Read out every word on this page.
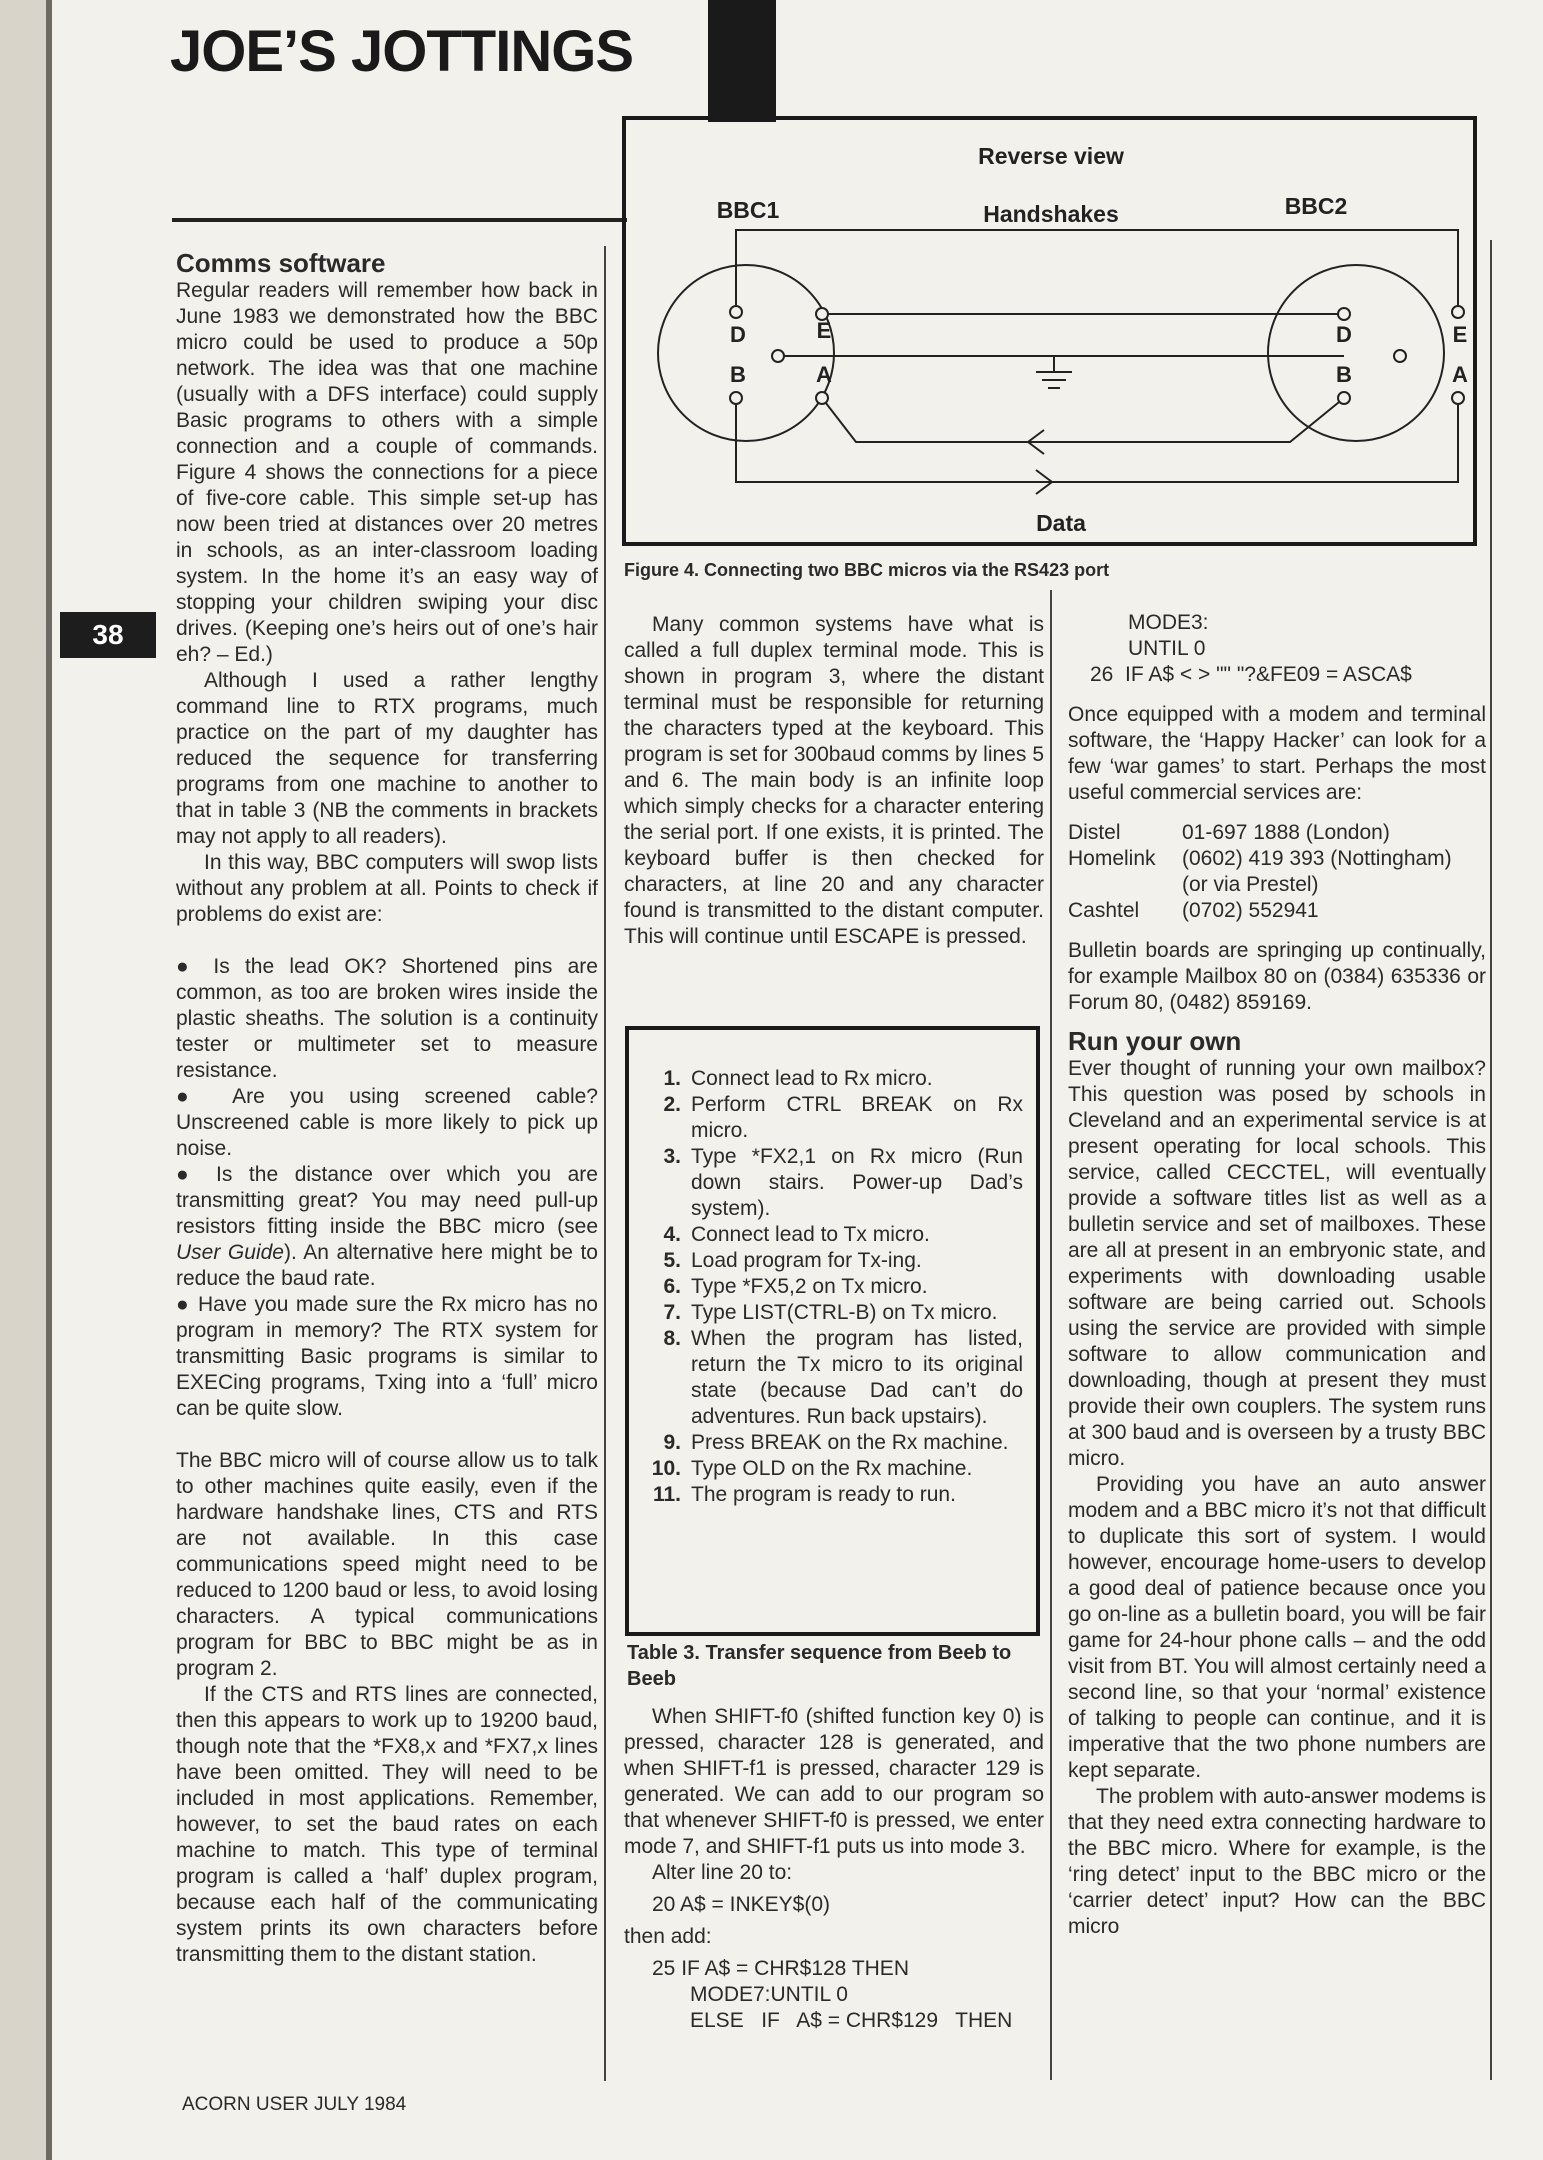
JOE’S JOTTINGS
38
Comms software

Regular readers will remember how back in June 1983 we demonstrated how the BBC micro could be used to produce a 50p network. The idea was that one machine (usually with a DFS interface) could supply Basic programs to others with a simple connection and a couple of commands. Figure 4 shows the connections for a piece of five-core cable. This simple set-up has now been tried at distances over 20 metres in schools, as an inter-classroom loading system. In the home it’s an easy way of stopping your children swiping your disc drives. (Keeping one’s heirs out of one’s hair eh? – Ed.)

Although I used a rather lengthy command line to RTX programs, much practice on the part of my daughter has reduced the sequence for transferring programs from one machine to another to that in table 3 (NB the comments in brackets may not apply to all readers).

In this way, BBC computers will swop lists without any problem at all. Points to check if problems do exist are:

● Is the lead OK? Shortened pins are common, as too are broken wires inside the plastic sheaths. The solution is a continuity tester or multimeter set to measure resistance.

● Are you using screened cable? Unscreened cable is more likely to pick up noise.

● Is the distance over which you are transmitting great? You may need pull-up resistors fitting inside the BBC micro (see User Guide). An alternative here might be to reduce the baud rate.

● Have you made sure the Rx micro has no program in memory? The RTX system for transmitting Basic programs is similar to EXECing programs, Txing into a ‘full’ micro can be quite slow.

The BBC micro will of course allow us to talk to other machines quite easily, even if the hardware handshake lines, CTS and RTS are not available. In this case communications speed might need to be reduced to 1200 baud or less, to avoid losing characters. A typical communications program for BBC to BBC might be as in program 2.

If the CTS and RTS lines are connected, then this appears to work up to 19200 baud, though note that the *FX8,x and *FX7,x lines have been omitted. They will need to be included in most applications. Remember, however, to set the baud rates on each machine to match. This type of terminal program is called a ‘half’ duplex program, because each half of the communicating system prints its own characters before transmitting them to the distant station.

Reverse view
BBC1	BBC2
Handshakes
Data
D	E
B	A
D	E
B	A
Figure 4. Connecting two BBC micros via the RS423 port

Many common systems have what is called a full duplex terminal mode. This is shown in program 3, where the distant terminal must be responsible for returning the characters typed at the keyboard. This program is set for 300baud comms by lines 5 and 6. The main body is an infinite loop which simply checks for a character entering the serial port. If one exists, it is printed. The keyboard buffer is then checked for characters, at line 20 and any character found is transmitted to the distant computer. This will continue until ESCAPE is pressed.

1. Connect lead to Rx micro.
2. Perform CTRL BREAK on Rx micro.
3. Type *FX2,1 on Rx micro (Run down stairs. Power-up Dad’s system).
4. Connect lead to Tx micro.
5. Load program for Tx-ing.
6. Type *FX5,2 on Tx micro.
7. Type LIST(CTRL-B) on Tx micro.
8. When the program has listed, return the Tx micro to its original state (because Dad can’t do adventures. Run back upstairs).
9. Press BREAK on the Rx machine.
10. Type OLD on the Rx machine.
11. The program is ready to run.
Table 3. Transfer sequence from Beeb to Beeb

When SHIFT-f0 (shifted function key 0) is pressed, character 128 is generated, and when SHIFT-f1 is pressed, character 129 is generated. We can add to our program so that whenever SHIFT-f0 is pressed, we enter mode 7, and SHIFT-f1 puts us into mode 3.

Alter line 20 to:

20 A$ = INKEY$(0)

then add:

25 IF A$ = CHR$128 THEN

MODE7:UNTIL 0

ELSE   IF   A$ = CHR$129   THEN

MODE3:

UNTIL 0

26  IF A$ < > "" "?&FE09 = ASCA$

Once equipped with a modem and terminal software, the ‘Happy Hacker’ can look for a few ‘war games’ to start. Perhaps the most useful commercial services are:

Distel	01-697 1888 (London)
Homelink	(0602) 419 393 (Nottingham)
	(or via Prestel)
Cashtel	(0702) 552941

Bulletin boards are springing up continually, for example Mailbox 80 on (0384) 635336 or Forum 80, (0482) 859169.

Run your own

Ever thought of running your own mailbox? This question was posed by schools in Cleveland and an experimental service is at present operating for local schools. This service, called CECCTEL, will eventually provide a software titles list as well as a bulletin service and set of mailboxes. These are all at present in an embryonic state, and experiments with downloading usable software are being carried out. Schools using the service are provided with simple software to allow communication and downloading, though at present they must provide their own couplers. The system runs at 300 baud and is overseen by a trusty BBC micro.

Providing you have an auto answer modem and a BBC micro it’s not that difficult to duplicate this sort of system. I would however, encourage home-users to develop a good deal of patience because once you go on-line as a bulletin board, you will be fair game for 24-hour phone calls – and the odd visit from BT. You will almost certainly need a second line, so that your ‘normal’ existence of talking to people can continue, and it is imperative that the two phone numbers are kept separate.

The problem with auto-answer modems is that they need extra connecting hardware to the BBC micro. Where for example, is the ‘ring detect’ input to the BBC micro or the ‘carrier detect’ input? How can the BBC micro

ACORN USER JULY 1984
